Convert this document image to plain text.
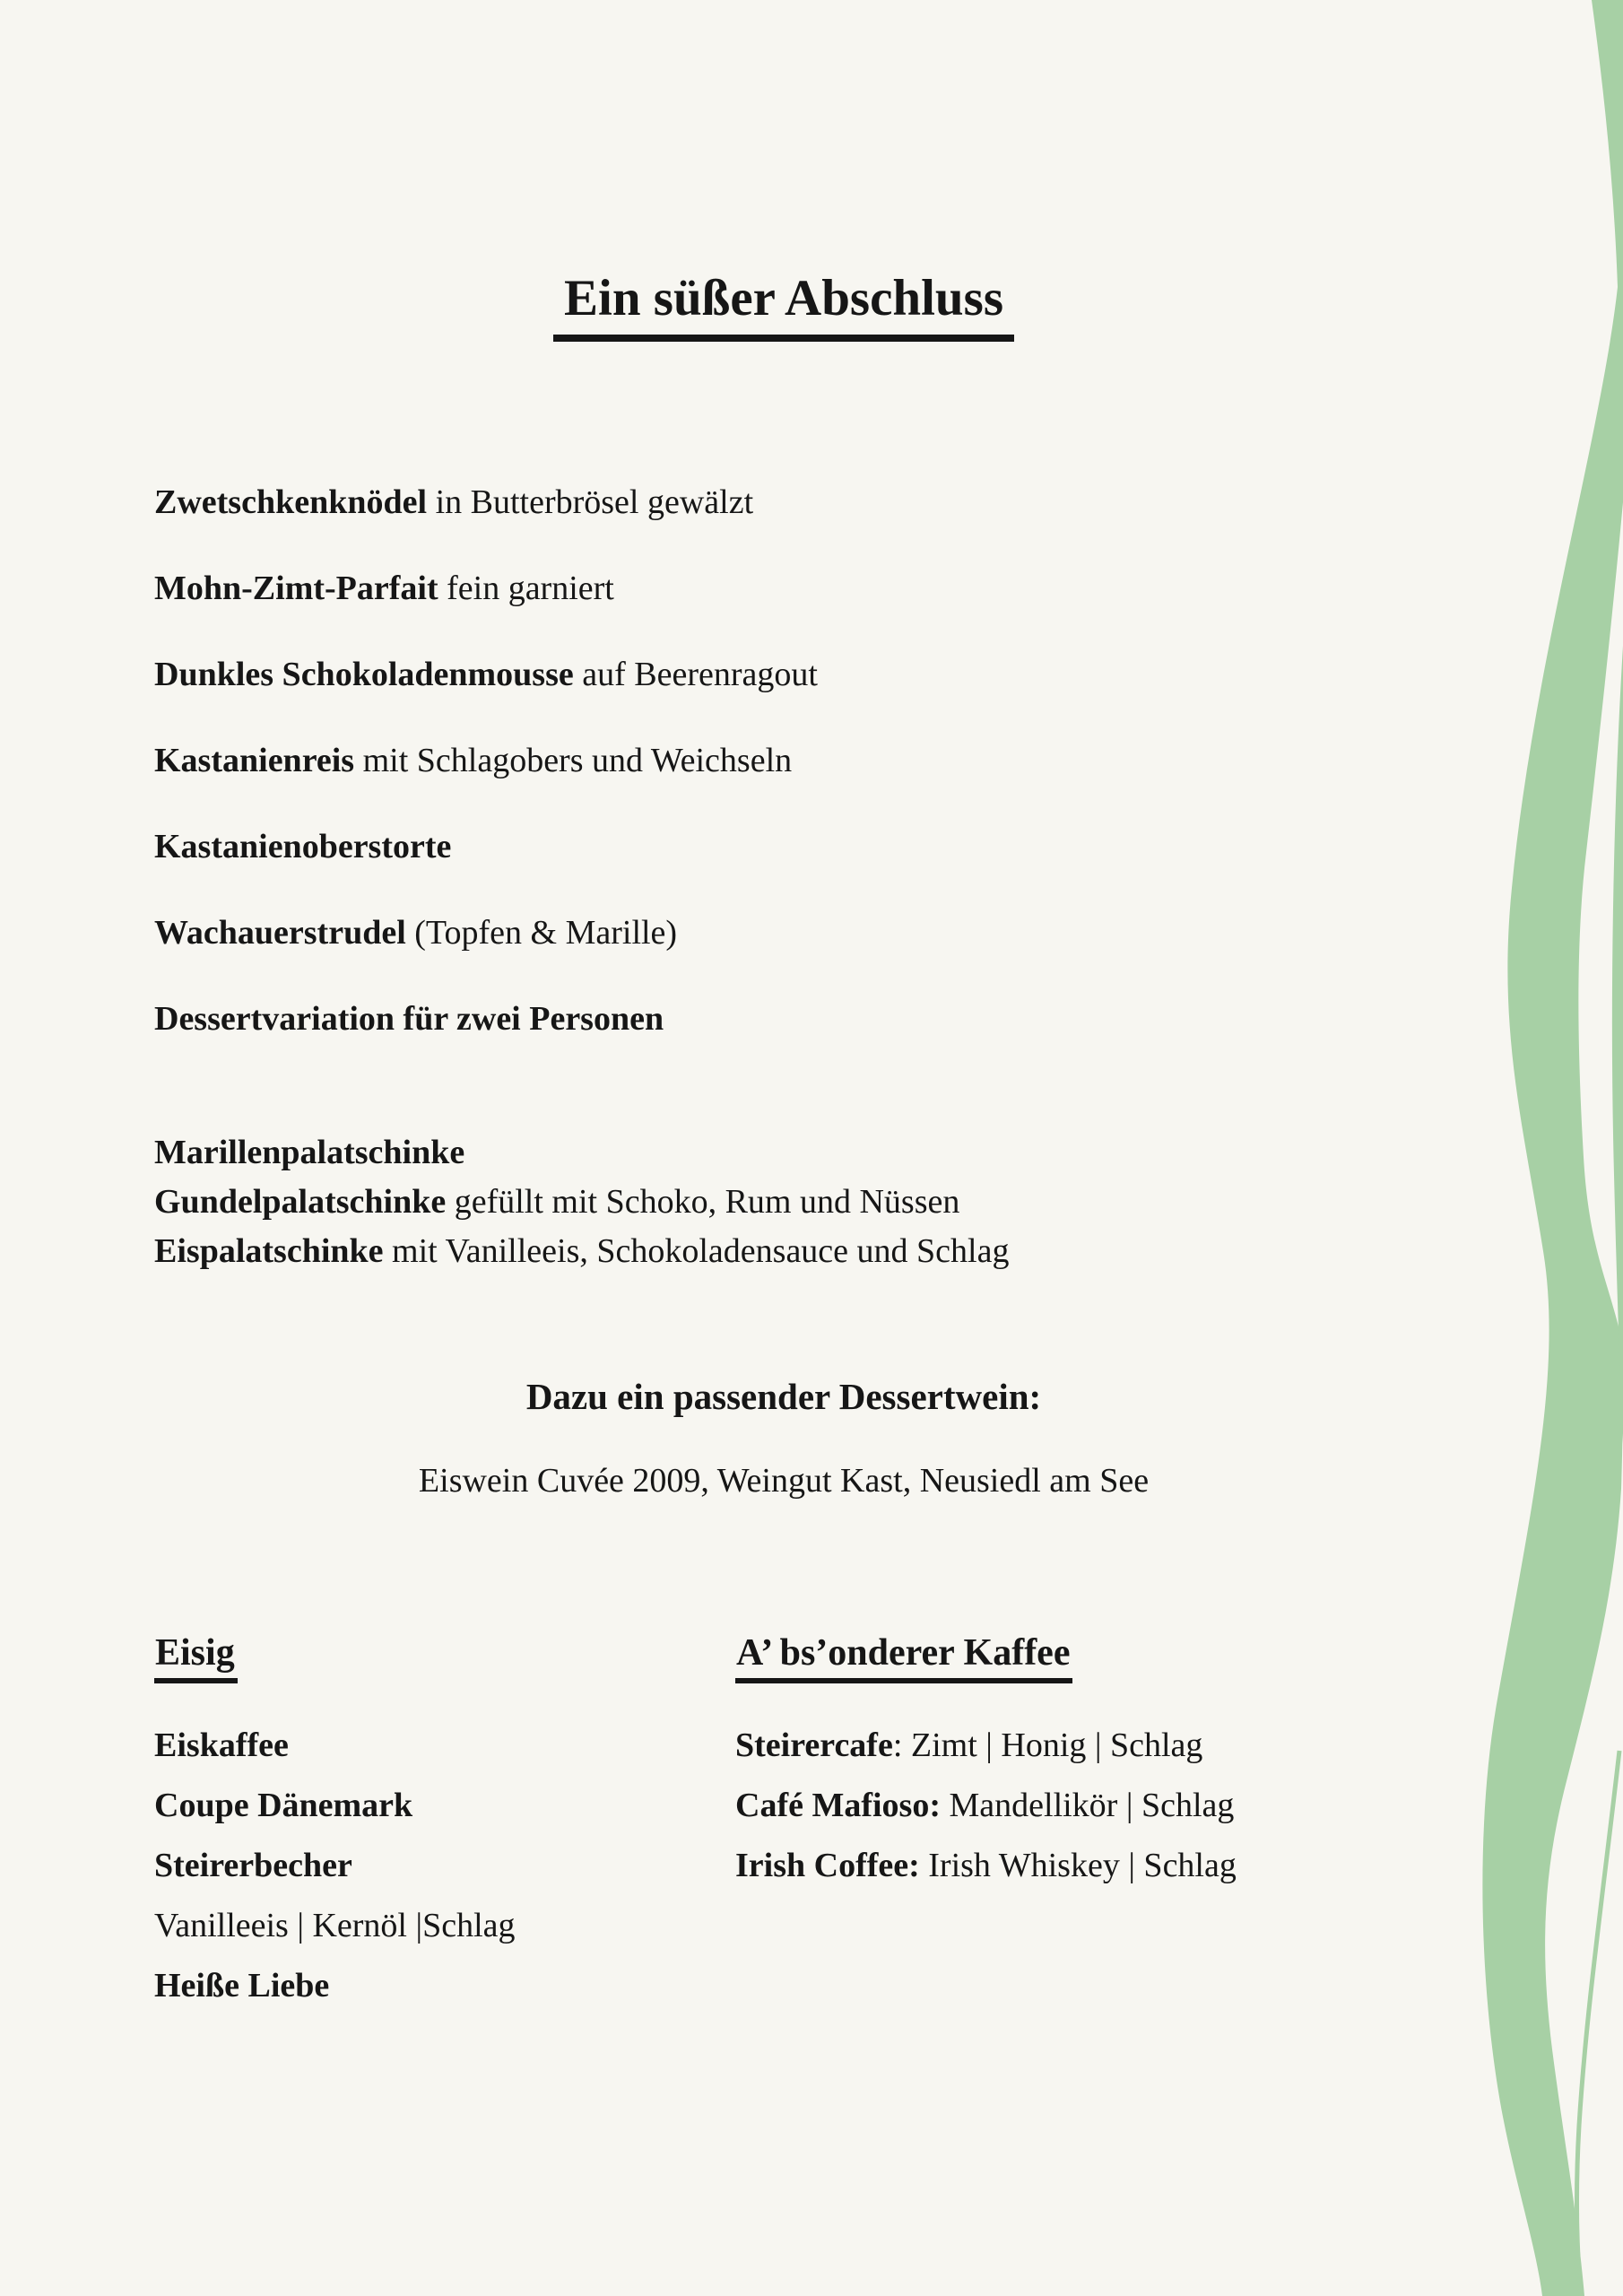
Ein süßer Abschluss
Zwetschkenknödel in Butterbrösel gewälzt
Mohn-Zimt-Parfait fein garniert
Dunkles Schokoladenmousse auf Beerenragout
Kastanienreis mit Schlagobers und Weichseln
Kastanienoberstorte
Wachauerstrudel (Topfen & Marille)
Dessertvariation für zwei Personen
Marillenpalatschinke
Gundelpalatschinke gefüllt mit Schoko, Rum und Nüssen
Eispalatschinke mit Vanilleeis, Schokoladensauce und Schlag
Dazu ein passender Dessertwein:
Eiswein Cuvée 2009, Weingut Kast, Neusiedl am See
Eisig
Eiskaffee
Coupe Dänemark
Steirerbecher
Vanilleeis | Kernöl |Schlag
Heiße Liebe
A’ bs’onderer Kaffee
Steirercafe: Zimt | Honig | Schlag
Café Mafioso: Mandellikör | Schlag
Irish Coffee: Irish Whiskey | Schlag
